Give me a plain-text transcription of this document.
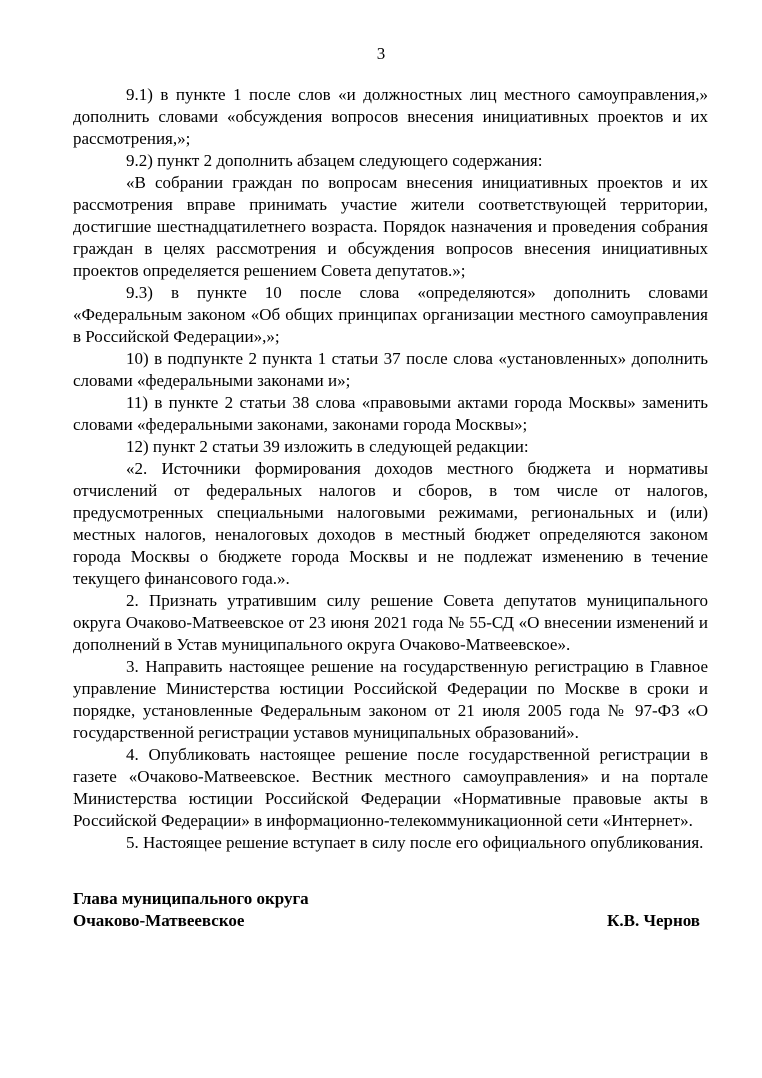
3

9.1) в пункте 1 после слов «и должностных лиц местного самоуправления,» дополнить словами «обсуждения вопросов внесения инициативных проектов и их рассмотрения,»;

9.2) пункт 2 дополнить абзацем следующего содержания:

«В собрании граждан по вопросам внесения инициативных проектов и их рассмотрения вправе принимать участие жители соответствующей территории, достигшие шестнадцатилетнего возраста. Порядок назначения и проведения собрания граждан в целях рассмотрения и обсуждения вопросов внесения инициативных проектов определяется решением Совета депутатов.»;

9.3) в пункте 10 после слова «определяются» дополнить словами «Федеральным законом «Об общих принципах организации местного самоуправления в Российской Федерации»,»;

10) в подпункте 2 пункта 1 статьи 37 после слова «установленных» дополнить словами «федеральными законами и»;

11) в пункте 2 статьи 38 слова «правовыми актами города Москвы» заменить словами «федеральными законами, законами города Москвы»;

12) пункт 2 статьи 39 изложить в следующей редакции:

«2. Источники формирования доходов местного бюджета и нормативы отчислений от федеральных налогов и сборов, в том числе от налогов, предусмотренных специальными налоговыми режимами, региональных и (или) местных налогов, неналоговых доходов в местный бюджет определяются законом города Москвы о бюджете города Москвы и не подлежат изменению в течение текущего финансового года.».

2. Признать утратившим силу решение Совета депутатов муниципального округа Очаково-Матвеевское от 23 июня 2021 года № 55-СД «О внесении изменений и дополнений в Устав муниципального округа Очаково-Матвеевское».

3. Направить настоящее решение на государственную регистрацию в Главное управление Министерства юстиции Российской Федерации по Москве в сроки и порядке, установленные Федеральным законом от 21 июля 2005 года № 97-ФЗ «О государственной регистрации уставов муниципальных образований».

4. Опубликовать настоящее решение после государственной регистрации в газете «Очаково-Матвеевское. Вестник местного самоуправления» и на портале Министерства юстиции Российской Федерации «Нормативные правовые акты в Российской Федерации» в информационно-телекоммуникационной сети «Интернет».

5. Настоящее решение вступает в силу после его официального опубликования.

Глава муниципального округа
Очаково-Матвеевское	К.В. Чернов
